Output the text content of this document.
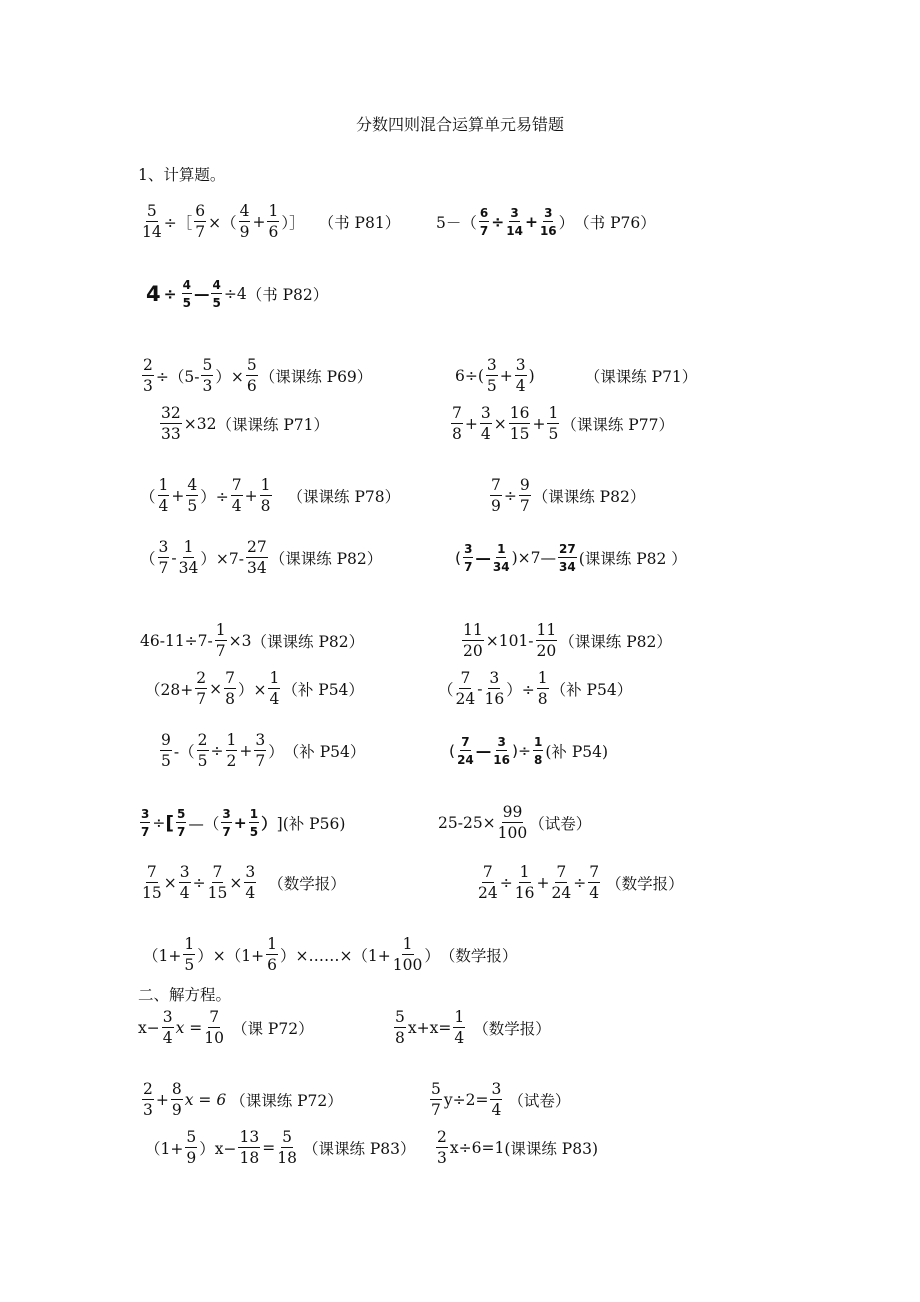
分数四则混合运算单元易错题
1、计算题。
$\frac{5}{14}$ ÷［ $\frac{6}{7}$ ×（ $\frac{4}{9} + \frac{1}{6}$ ）］ （书 P81） $5-( \frac{6}{7} \div \frac{3}{14} + \frac{3}{16}$ ） （书 P76）
$4 \div \frac{4}{5}$ — $\frac{4}{5} \div 4$ （书 P82）
$\frac{2}{3} \div(5- \frac{5}{3}$ ）× $\frac{5}{6}$ （课课练 P69）	$6\div( \frac{3}{5} + \frac{3}{4}$ )	（课课练 P71）
$\frac{32}{33} \times 32$ （课课练 P71）	$\frac{7}{8} + \frac{3}{4} \times \frac{16}{15} + \frac{1}{5}$ （课课练 P77）
（ $\frac{1}{4} + \frac{4}{5}$ ）÷ $\frac{7}{4} + \frac{1}{8}$ （课课练 P78）	$\frac{7}{9} \div \frac{9}{7}$ （课课练 P82）
（ $\frac{3}{7} - \frac{1}{34} )\times 7- \frac{27}{34}$ （课课练 P82）	( $\frac{3}{7}$ — $\frac{1}{34}$ )×7— $\frac{27}{34}$ (课课练 P82 ）
$46-11\div 7- \frac{1}{7} \times 3$ （课课练 P82）	$\frac{11}{20} \times 101- \frac{11}{20}$ （课课练 P82）
（$28+ \frac{2}{7} \times \frac{7}{8}$ ）× $\frac{1}{4}$ （补 P54）	（ $\frac{7}{24} - \frac{3}{16}$ ）÷ $\frac{1}{8}$ （补 P54）
$\frac{9}{5}$ -（ $\frac{2}{5} \div \frac{1}{2} + \frac{3}{7}$ ） （补 P54）	( $\frac{7}{24}$ — $\frac{3}{16}$ )÷ $\frac{1}{8}$ (补 P54)
$\frac{3}{7}$ ÷ [ $\frac{5}{7}$ —（ $\frac{3}{7} + \frac{1}{5}$ ） ](补 P56)	$25-25\times \frac{99}{100}$ （试卷）
$\frac{7}{15} \times \frac{3}{4} \div \frac{7}{15} \times \frac{3}{4}$ （数学报）	$\frac{7}{24} \div \frac{1}{16} + \frac{7}{24} \div \frac{7}{4}$ （数学报）
$(1+ \frac{1}{5} )\times(1+ \frac{1}{6}$ ）×……×（1+ $\frac{1}{100}$ ） （数学报）
二、解方程。
$x- \frac{3}{4}$ $x = \frac{7}{10}$ （课 P72）	$\frac{5}{8} x+x= \frac{1}{4}$ （数学报）
$\frac{2}{3} + \frac{8}{9}$ x = 6 （课课练 P72）	$\frac{5}{7} y\div 2= \frac{3}{4}$ （试卷）
$(1+ \frac{5}{9} )x- \frac{13}{18} = \frac{5}{18}$ （课课练 $P83) \frac{2}{3} x\div 6=1$ (课课练 P83)
